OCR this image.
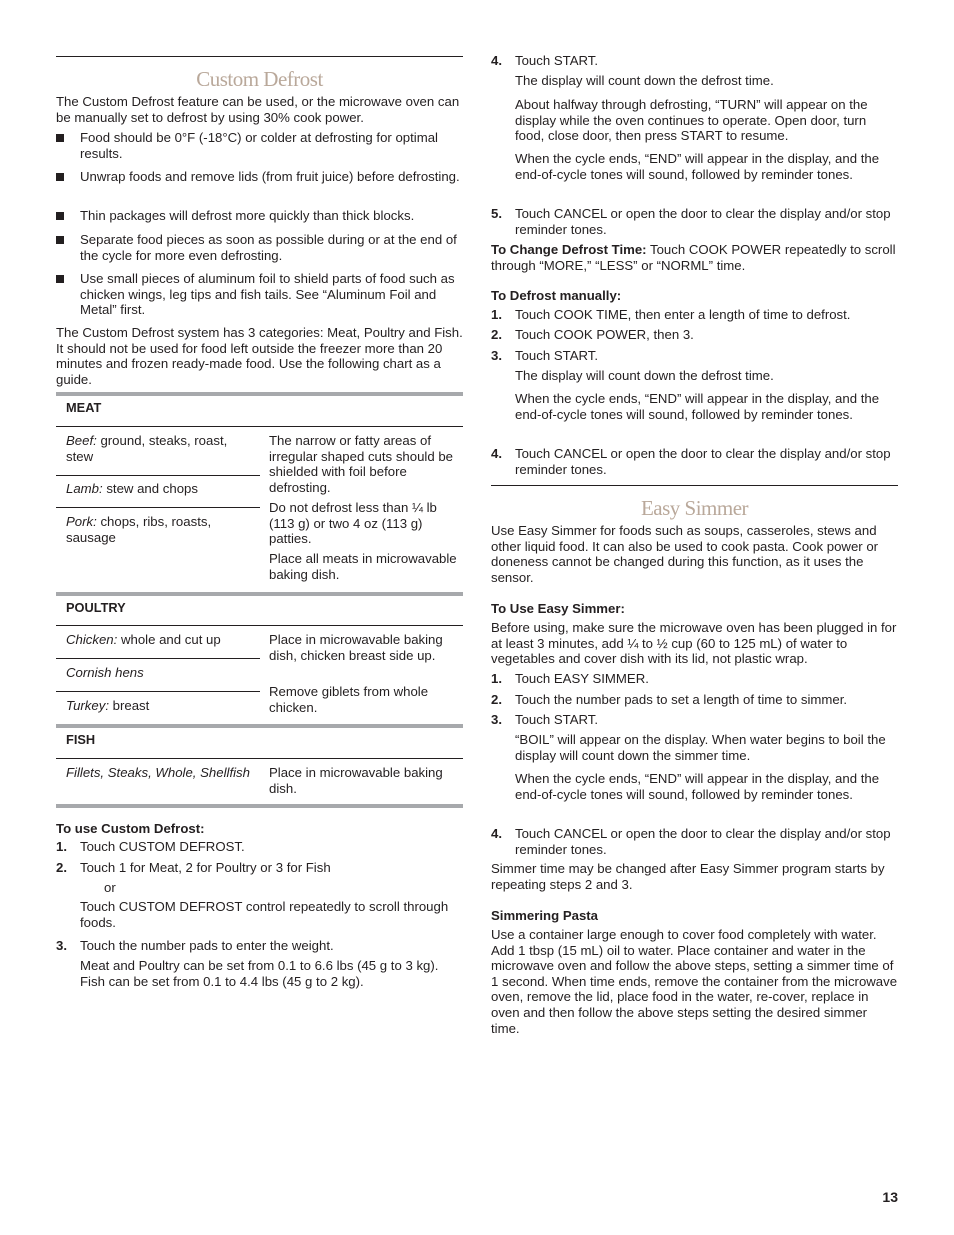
Custom Defrost

The Custom Defrost feature can be used, or the microwave oven can be manually set to defrost by using 30% cook power.

Food should be 0°F (-18°C) or colder at defrosting for optimal results.
Unwrap foods and remove lids (from fruit juice) before defrosting.
Thin packages will defrost more quickly than thick blocks.
Separate food pieces as soon as possible during or at the end of the cycle for more even defrosting.
Use small pieces of aluminum foil to shield parts of food such as chicken wings, leg tips and fish tails. See “Aluminum Foil and Metal” first.

The Custom Defrost system has 3 categories: Meat, Poultry and Fish. It should not be used for food left outside the freezer more than 20 minutes and frozen ready-made food. Use the following chart as a guide.

MEAT
Beef: ground, steaks, roast, stew
Lamb: stew and chops
Pork: chops, ribs, roasts, sausage
The narrow or fatty areas of irregular shaped cuts should be shielded with foil before defrosting.
Do not defrost less than ¼ lb (113 g) or two 4 oz (113 g) patties.
Place all meats in microwavable baking dish.
POULTRY
Chicken: whole and cut up
Cornish hens
Turkey: breast
Place in microwavable baking dish, chicken breast side up.
Remove giblets from whole chicken.
FISH
Fillets, Steaks, Whole, Shellfish Place in microwavable baking dish.
To use Custom Defrost:
1. Touch CUSTOM DEFROST.
2. Touch 1 for Meat, 2 for Poultry or 3 for Fish
or

Touch CUSTOM DEFROST control repeatedly to scroll through foods.

3. Touch the number pads to enter the weight.

Meat and Poultry can be set from 0.1 to 6.6 lbs (45 g to 3 kg). Fish can be set from 0.1 to 4.4 lbs (45 g to 2 kg).

4. Touch START.

The display will count down the defrost time.

About halfway through defrosting, “TURN” will appear on the display while the oven continues to operate. Open door, turn food, close door, then press START to resume.

When the cycle ends, “END” will appear in the display, and the end-of-cycle tones will sound, followed by reminder tones.

5. Touch CANCEL or open the door to clear the display and/or stop reminder tones.

To Change Defrost Time: Touch COOK POWER repeatedly to scroll through “MORE,” “LESS” or “NORML” time.

To Defrost manually:
1. Touch COOK TIME, then enter a length of time to defrost.
2. Touch COOK POWER, then 3.
3. Touch START.

The display will count down the defrost time.

When the cycle ends, “END” will appear in the display, and the end-of-cycle tones will sound, followed by reminder tones.

4. Touch CANCEL or open the door to clear the display and/or stop reminder tones.
Easy Simmer

Use Easy Simmer for foods such as soups, casseroles, stews and other liquid food. It can also be used to cook pasta. Cook power or doneness cannot be changed during this function, as it uses the sensor.

To Use Easy Simmer:

Before using, make sure the microwave oven has been plugged in for at least 3 minutes, add ¼ to ½ cup (60 to 125 mL) of water to vegetables and cover dish with its lid, not plastic wrap.

1. Touch EASY SIMMER.
2. Touch the number pads to set a length of time to simmer.
3. Touch START.

“BOIL” will appear on the display. When water begins to boil the display will count down the simmer time.

When the cycle ends, “END” will appear in the display, and the end-of-cycle tones will sound, followed by reminder tones.

4. Touch CANCEL or open the door to clear the display and/or stop reminder tones.

Simmer time may be changed after Easy Simmer program starts by repeating steps 2 and 3.

Simmering Pasta

Use a container large enough to cover food completely with water. Add 1 tbsp (15 mL) oil to water. Place container and water in the microwave oven and follow the above steps, setting a simmer time of 1 second. When time ends, remove the container from the microwave oven, remove the lid, place food in the water, re-cover, replace in oven and then follow the above steps setting the desired simmer time.

13
